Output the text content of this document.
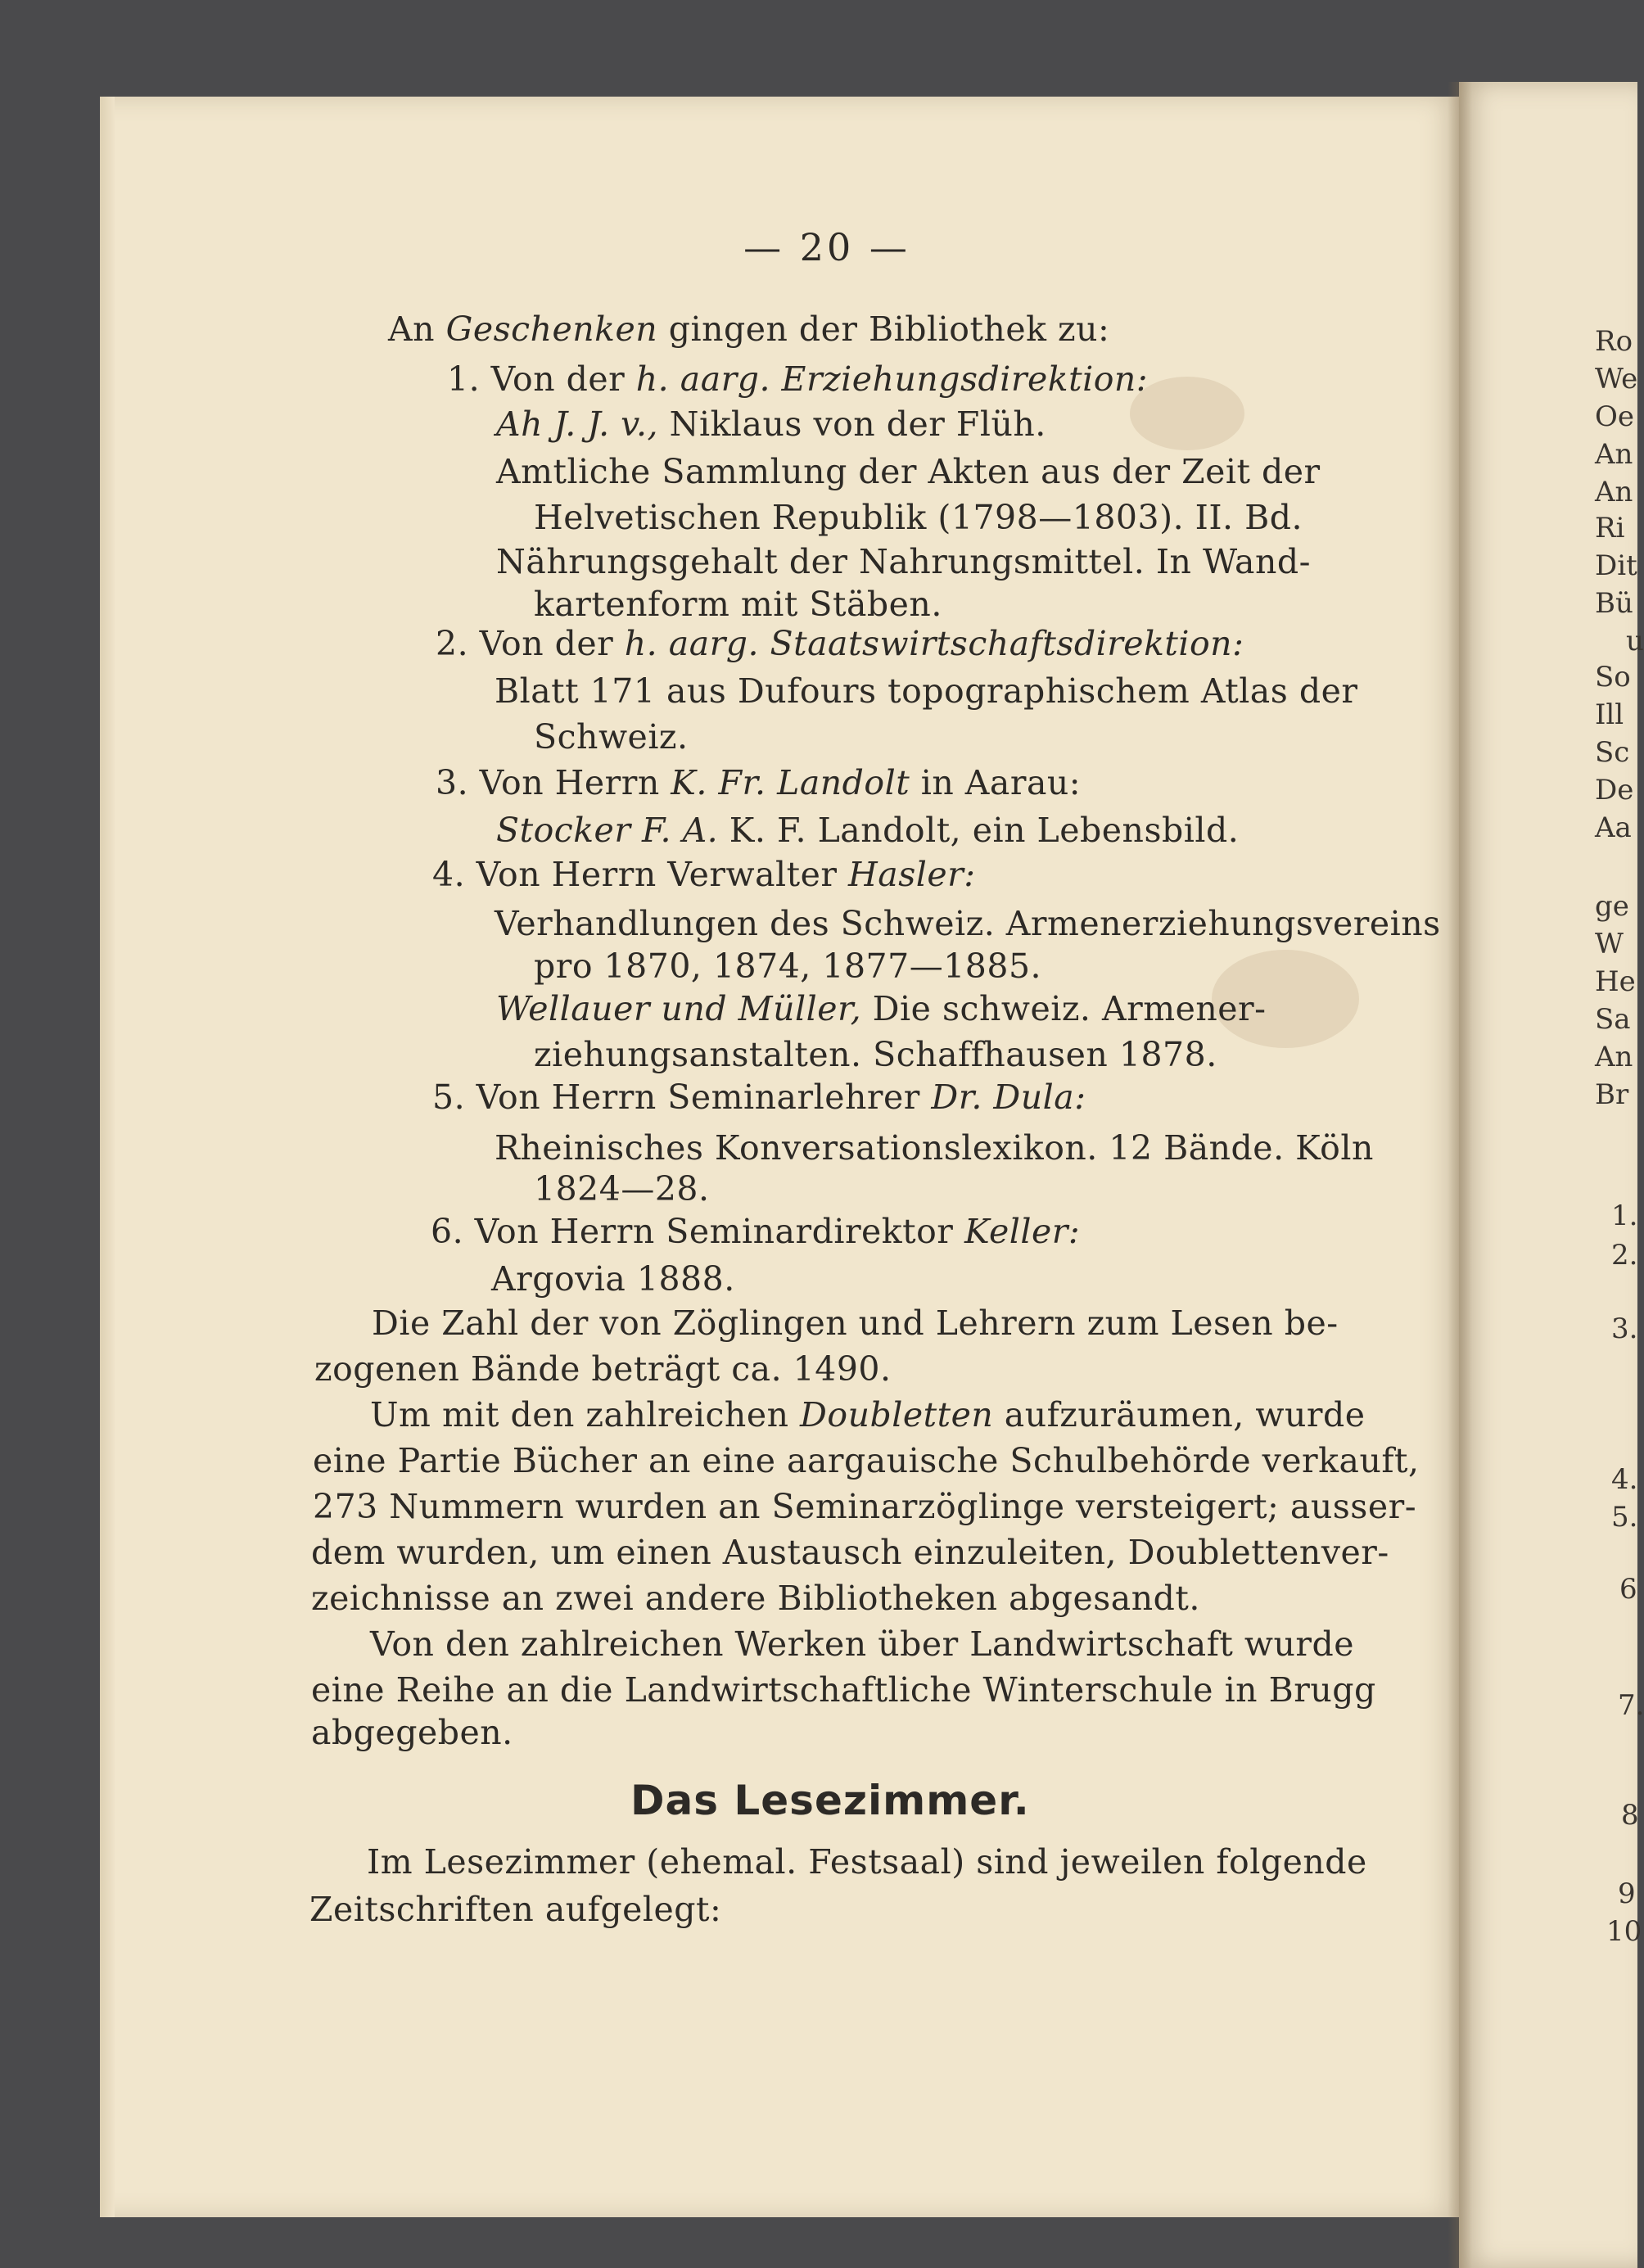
— 20 —
An Geschenken gingen der Bibliothek zu:
1. Von der h. aarg. Erziehungsdirektion:
Ah J. J. v., Niklaus von der Flüh.
Amtliche Sammlung der Akten aus der Zeit der
Helvetischen Republik (1798—1803). II. Bd.
Nährungsgehalt der Nahrungsmittel. In Wand-
kartenform mit Stäben.
2. Von der h. aarg. Staatswirtschaftsdirektion:
Blatt 171 aus Dufours topographischem Atlas der
Schweiz.
3. Von Herrn K. Fr. Landolt in Aarau:
Stocker F. A. K. F. Landolt, ein Lebensbild.
4. Von Herrn Verwalter Hasler:
Verhandlungen des Schweiz. Armenerziehungsvereins
pro 1870, 1874, 1877—1885.
Wellauer und Müller, Die schweiz. Armener-
ziehungsanstalten. Schaffhausen 1878.
5. Von Herrn Seminarlehrer Dr. Dula:
Rheinisches Konversationslexikon. 12 Bände. Köln
1824—28.
6. Von Herrn Seminardirektor Keller:
Argovia 1888.
Die Zahl der von Zöglingen und Lehrern zum Lesen be-
zogenen Bände beträgt ca. 1490.
Um mit den zahlreichen Doubletten aufzuräumen, wurde
eine Partie Bücher an eine aargauische Schulbehörde verkauft,
273 Nummern wurden an Seminarzöglinge versteigert; ausser-
dem wurden, um einen Austausch einzuleiten, Doublettenver-
zeichnisse an zwei andere Bibliotheken abgesandt.
Von den zahlreichen Werken über Landwirtschaft wurde
eine Reihe an die Landwirtschaftliche Winterschule in Brugg
abgegeben.
Das Lesezimmer.
Im Lesezimmer (ehemal. Festsaal) sind jeweilen folgende
Zeitschriften aufgelegt:
Ro
We
Oe
An
An
Ri
Dit
Bü
u
So
Ill
Sc
De
Aa
ge
W
He
Sa
An
Br
1.
2.
3.
4.
5.
6
7.
8
9
10
